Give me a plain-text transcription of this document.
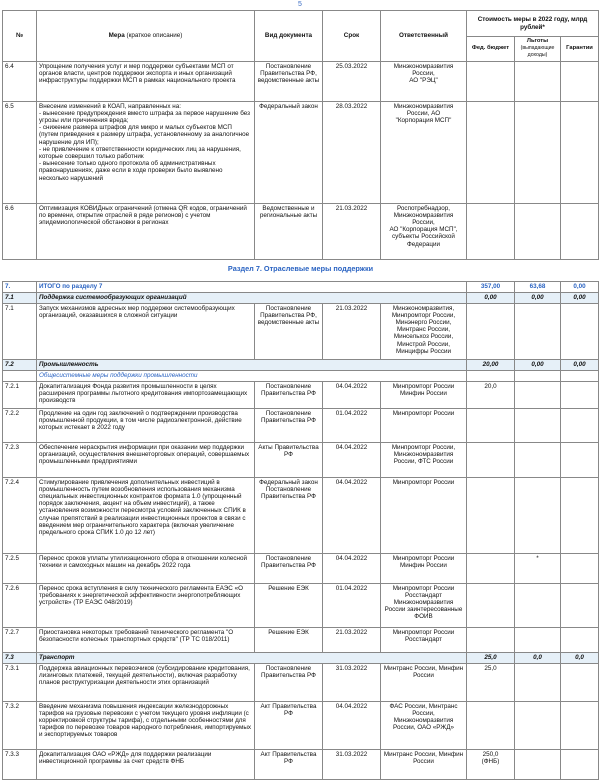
5
№	Мера (краткое описание)	Вид документа	Срок	Ответственный	Стоимость меры в 2022 году, млрд рублей*		
					Фед. бюджет	Льготы
(выпадающие доходы)	Гарантии
6.4	Упрощение получения услуг и мер поддержки субъектами МСП от органов власти, центров поддержки экспорта и иных организаций инфраструктуры поддержки МСП в рамках национального проекта	Постановление Правительства РФ, ведомственные акты	25.03.2022	Минэкономразвития России,
АО "РЭЦ"			
6.5	Внесение изменений в КОАП, направленных на:
- вынесение предупреждения вместо штрафа за первое нарушение без угрозы или причинения вреда;
- снижение размера штрафов для микро и малых субъектов МСП (путем приведения к размеру штрафа, установленному за аналогичное нарушение для ИП);
- не привлечение к ответственности юридических лиц за нарушения, которые совершил только работник
- вынесение только одного протокола об административных правонарушениях, даже если в ходе проверки было выявлено несколько нарушений	Федеральный закон	28.03.2022	Минэкономразвития России, АО
"Корпорация МСП"			
6.6	Оптимизация КОВИДных ограничений (отмена QR кодов, ограничений по времени, открытие отраслей в ряде регионов) с учетом эпидемиологической обстановки в регионах	Ведомственные и региональные акты	21.03.2022	Роспотребнадзор, Минэкономразвития России,
АО "Корпорация МСП", субъекты Российской Федерации			
Раздел 7. Отраслевые меры поддержки							
7.	ИТОГО по разделу 7				357,00	63,68	0,00
7.1	Поддержка системообразующих организаций				0,00	0,00	0,00
7.1	Запуск механизмов адресных мер поддержки системообразующих организаций, оказавшихся в сложной ситуации	Постановление Правительства РФ, ведомственные акты	21.03.2022	Минэкономразвития, Минпромторг России, Минэнерго России, Минтранс России, Минсельхоз России, Минстрой России, Минцифры России			
7.2	Промышленность				20,00	0,00	0,00
	Общесистемные меры поддержки промышленности						
7.2.1	Докапитализация Фонда развития промышленности в целях расширения программы льготного кредитования импортозамещающих производств	Постановление Правительства РФ	04.04.2022	Минпромторг России Минфин России	20,0		
7.2.2	Продление на один год заключений о подтверждении производства промышленной продукции, в том числе радиоэлектронной, действие которых истекает в 2022 году	Постановление Правительства РФ	01.04.2022	Минпромторг России			
7.2.3	Обеспечение нераскрытия информации при оказании мер поддержки организаций, осуществления внешнеторговых операций, совершаемых промышленными предприятиями	Акты Правительства РФ	04.04.2022	Минпромторг России, Минэкономразвития России, ФТС России			
7.2.4	Стимулирование привлечения дополнительных инвестиций в промышленность путем возобновления использования механизма специальных инвестиционных контрактов формата 1.0 (упрощенный порядок заключения, акцент на объем инвестиций), а также установления возможности пересмотра условий заключенных СПИК в случае препятствий в реализации инвестиционных проектов в связи с введением мер ограничительного характера (включая увеличение предельного срока СПИК 1.0 до 12 лет)	Федеральный закон Постановление Правительства РФ	04.04.2022	Минпромторг России			
7.2.5	Перенос сроков уплаты утилизационного сбора в отношении колесной техники и самоходных машин на декабрь 2022 года	Постановление Правительства РФ	04.04.2022	Минпромторг России Минфин России		*	
7.2.6	Перенос срока вступления в силу технического регламента ЕАЭС «О требованиях к энергетической эффективности энергопотребляющих устройств» (ТР ЕАЭС 048/2019)	Решение ЕЭК	01.04.2022	Минпромторг России Росстандарт Минэкономразвития России заинтересованные ФОИВ			
7.2.7	Приостановка некоторых требований технического регламента "О безопасности колесных транспортных средств" (ТР ТС 018/2011)	Решение ЕЭК	21.03.2022	Минпромторг России Росстандарт			
7.3	Транспорт				25,0	0,0	0,0
7.3.1	Поддержка авиационных перевозчиков (субсидирование кредитования, лизинговых платежей, текущей деятельности), включая разработку планов реструктуризации деятельности этих организаций	Постановление Правительства РФ	31.03.2022	Минтранс России, Минфин России	25,0		
7.3.2	Введение механизма повышения индексации железнодорожных тарифов на грузовые перевозки с учетом текущего уровня инфляции (с корректировкой структуры тарифа), с отдельными особенностями для тарифов по перевозке товаров народного потребления, импортируемых и экспортируемых товаров	Акт Правительства РФ	04.04.2022	ФАС России, Минтранс России, Минэкономразвития России, ОАО «РЖД»			
7.3.3	Докапитализация ОАО «РЖД» для поддержки реализации инвестиционной программы за счет средств ФНБ	Акт Правительства РФ	31.03.2022	Минтранс России, Минфин России	250,0
(ФНБ)		
